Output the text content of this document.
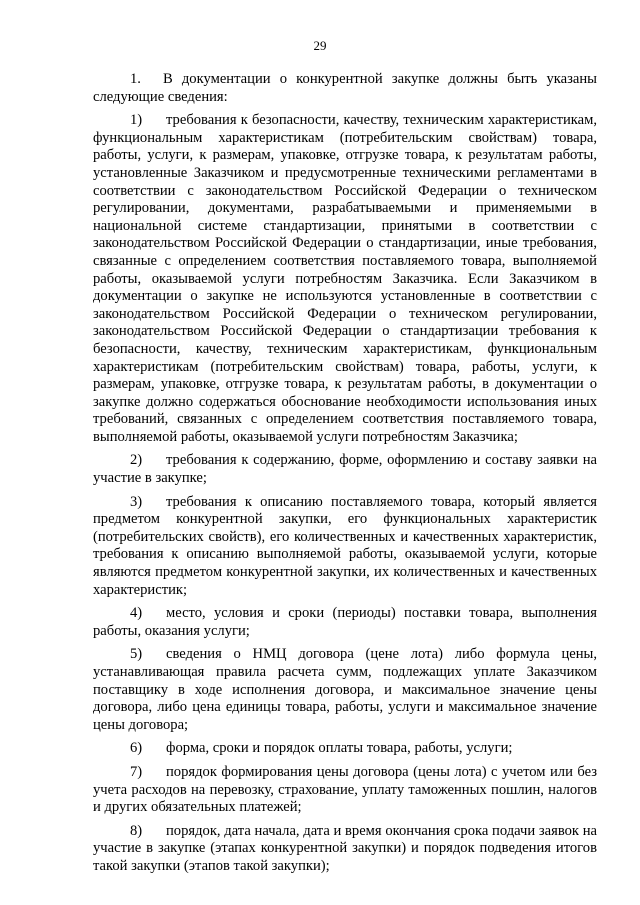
29

1. В документации о конкурентной закупке должны быть указаны следующие сведения:

1) требования к безопасности, качеству, техническим характеристикам, функциональным характеристикам (потребительским свойствам) товара, работы, услуги, к размерам, упаковке, отгрузке товара, к результатам работы, установленные Заказчиком и предусмотренные техническими регламентами в соответствии с законодательством Российской Федерации о техническом регулировании, документами, разрабатываемыми и применяемыми в национальной системе стандартизации, принятыми в соответствии с законодательством Российской Федерации о стандартизации, иные требования, связанные с определением соответствия поставляемого товара, выполняемой работы, оказываемой услуги потребностям Заказчика. Если Заказчиком в документации о закупке не используются установленные в соответствии с законодательством Российской Федерации о техническом регулировании, законодательством Российской Федерации о стандартизации требования к безопасности, качеству, техническим характеристикам, функциональным характеристикам (потребительским свойствам) товара, работы, услуги, к размерам, упаковке, отгрузке товара, к результатам работы, в документации о закупке должно содержаться обоснование необходимости использования иных требований, связанных с определением соответствия поставляемого товара, выполняемой работы, оказываемой услуги потребностям Заказчика;

2) требования к содержанию, форме, оформлению и составу заявки на участие в закупке;

3) требования к описанию поставляемого товара, который является предметом конкурентной закупки, его функциональных характеристик (потребительских свойств), его количественных и качественных характеристик, требования к описанию выполняемой работы, оказываемой услуги, которые являются предметом конкурентной закупки, их количественных и качественных характеристик;

4) место, условия и сроки (периоды) поставки товара, выполнения работы, оказания услуги;

5) сведения о НМЦ договора (цене лота) либо формула цены, устанавливающая правила расчета сумм, подлежащих уплате Заказчиком поставщику в ходе исполнения договора, и максимальное значение цены договора, либо цена единицы товара, работы, услуги и максимальное значение цены договора;

6) форма, сроки и порядок оплаты товара, работы, услуги;

7) порядок формирования цены договора (цены лота) с учетом или без учета расходов на перевозку, страхование, уплату таможенных пошлин, налогов и других обязательных платежей;

8) порядок, дата начала, дата и время окончания срока подачи заявок на участие в закупке (этапах конкурентной закупки) и порядок подведения итогов такой закупки (этапов такой закупки);
